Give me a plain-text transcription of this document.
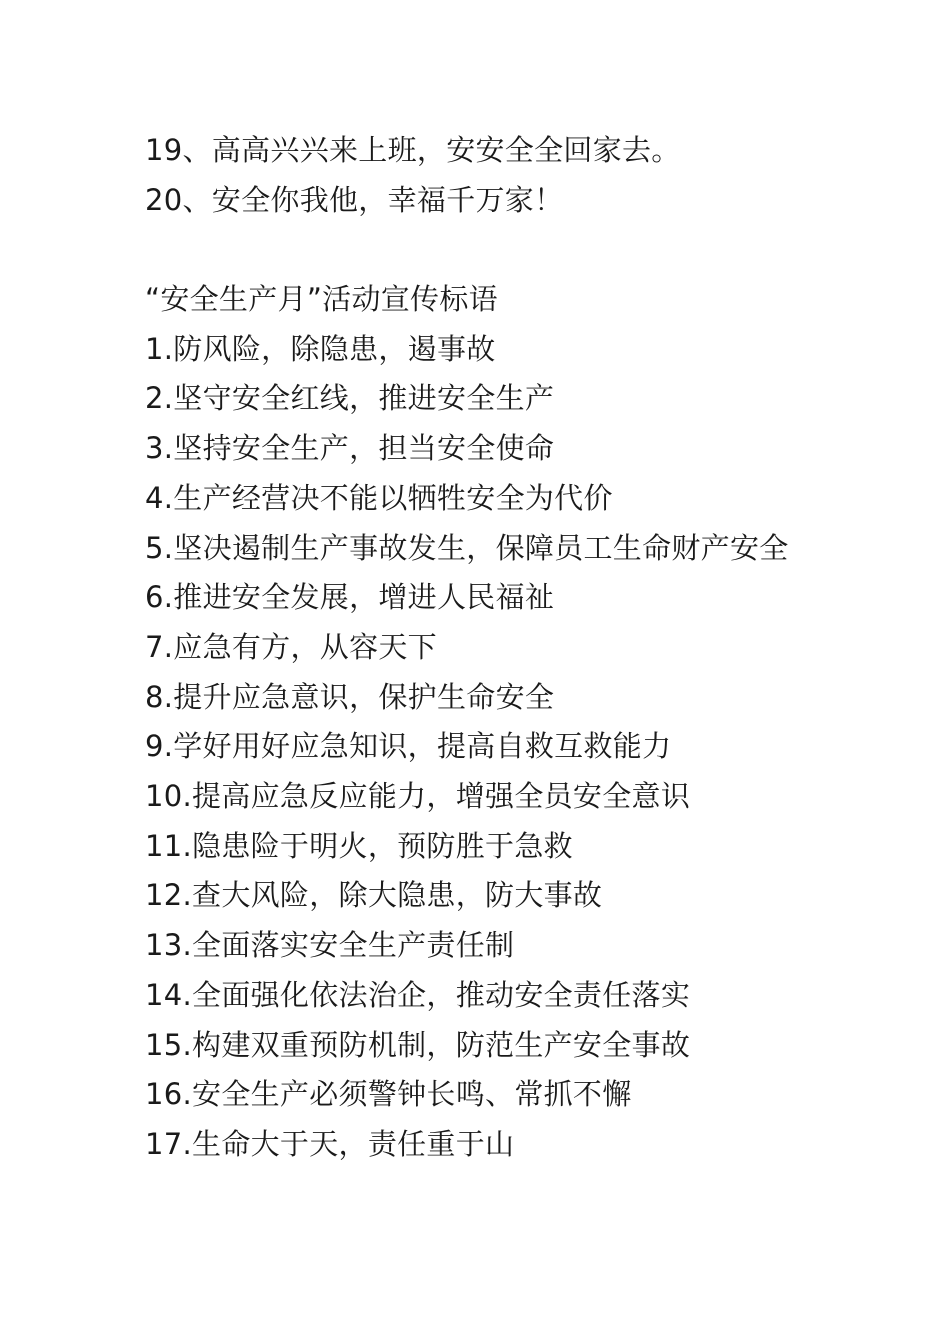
19、高高兴兴来上班，安安全全回家去。
20、安全你我他，幸福千万家！
“安全生产月”活动宣传标语
1.防风险，除隐患，遏事故
2.坚守安全红线，推进安全生产
3.坚持安全生产，担当安全使命
4.生产经营决不能以牺牲安全为代价
5.坚决遏制生产事故发生，保障员工生命财产安全
6.推进安全发展，增进人民福祉
7.应急有方，从容天下
8.提升应急意识，保护生命安全
9.学好用好应急知识，提高自救互救能力
10.提高应急反应能力，增强全员安全意识
11.隐患险于明火，预防胜于急救
12.查大风险，除大隐患，防大事故
13.全面落实安全生产责任制
14.全面强化依法治企，推动安全责任落实
15.构建双重预防机制，防范生产安全事故
16.安全生产必须警钟长鸣、常抓不懈
17.生命大于天，责任重于山
